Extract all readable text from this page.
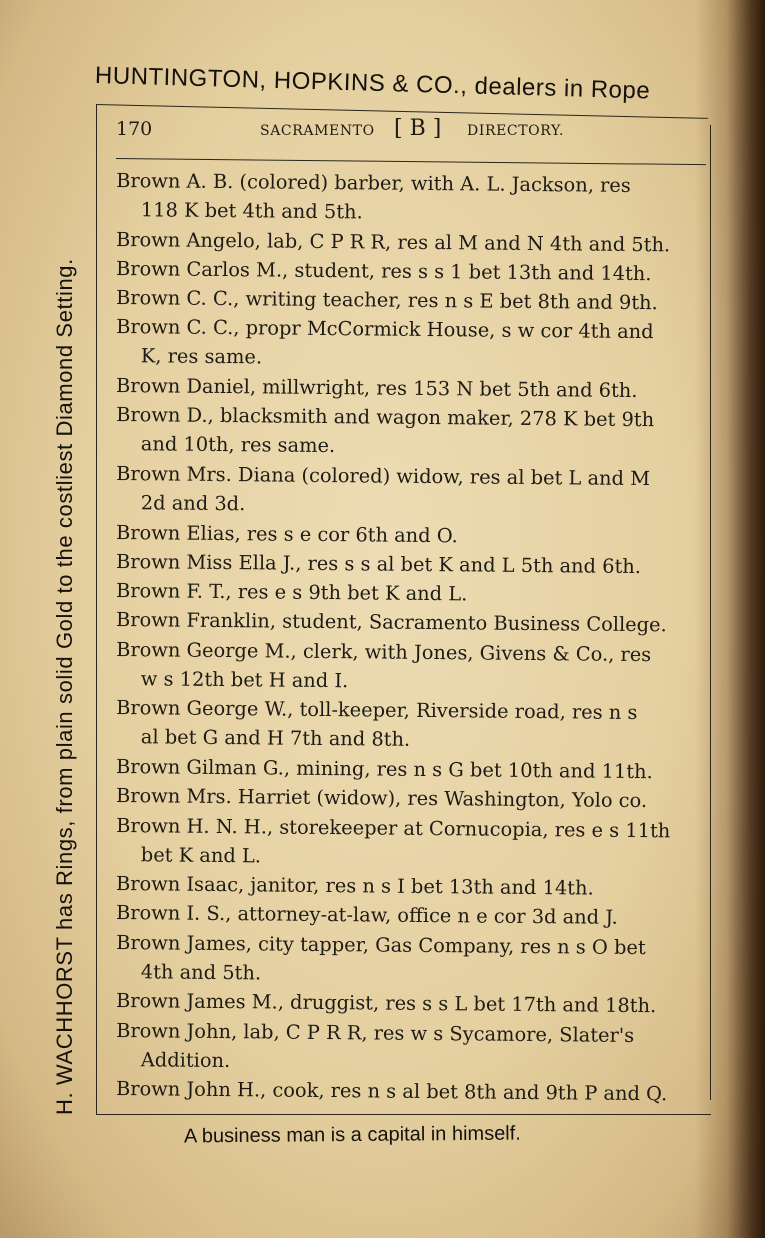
HUNTINGTON, HOPKINS & CO., dealers in Rope
H. WACHHORST has Rings, from plain solid Gold to the costliest Diamond Setting.
170	SACRAMENTO [ B ] DIRECTORY.
Brown A. B. (colored) barber, with A. L. Jackson, res
118 K bet 4th and 5th.
Brown Angelo, lab, C P R R, res al M and N 4th and 5th.
Brown Carlos M., student, res s s 1 bet 13th and 14th.
Brown C. C., writing teacher, res n s E bet 8th and 9th.
Brown C. C., propr McCormick House, s w cor 4th and
K, res same.
Brown Daniel, millwright, res 153 N bet 5th and 6th.
Brown D., blacksmith and wagon maker, 278 K bet 9th
and 10th, res same.
Brown Mrs. Diana (colored) widow, res al bet L and M
2d and 3d.
Brown Elias, res s e cor 6th and O.
Brown Miss Ella J., res s s al bet K and L 5th and 6th.
Brown F. T., res e s 9th bet K and L.
Brown Franklin, student, Sacramento Business College.
Brown George M., clerk, with Jones, Givens & Co., res
w s 12th bet H and I.
Brown George W., toll-keeper, Riverside road, res n s
al bet G and H 7th and 8th.
Brown Gilman G., mining, res n s G bet 10th and 11th.
Brown Mrs. Harriet (widow), res Washington, Yolo co.
Brown H. N. H., storekeeper at Cornucopia, res e s 11th
bet K and L.
Brown Isaac, janitor, res n s I bet 13th and 14th.
Brown I. S., attorney-at-law, office n e cor 3d and J.
Brown James, city tapper, Gas Company, res n s O bet
4th and 5th.
Brown James M., druggist, res s s L bet 17th and 18th.
Brown John, lab, C P R R, res w s Sycamore, Slater's
Addition.
Brown John H., cook, res n s al bet 8th and 9th P and Q.
A business man is a capital in himself.
